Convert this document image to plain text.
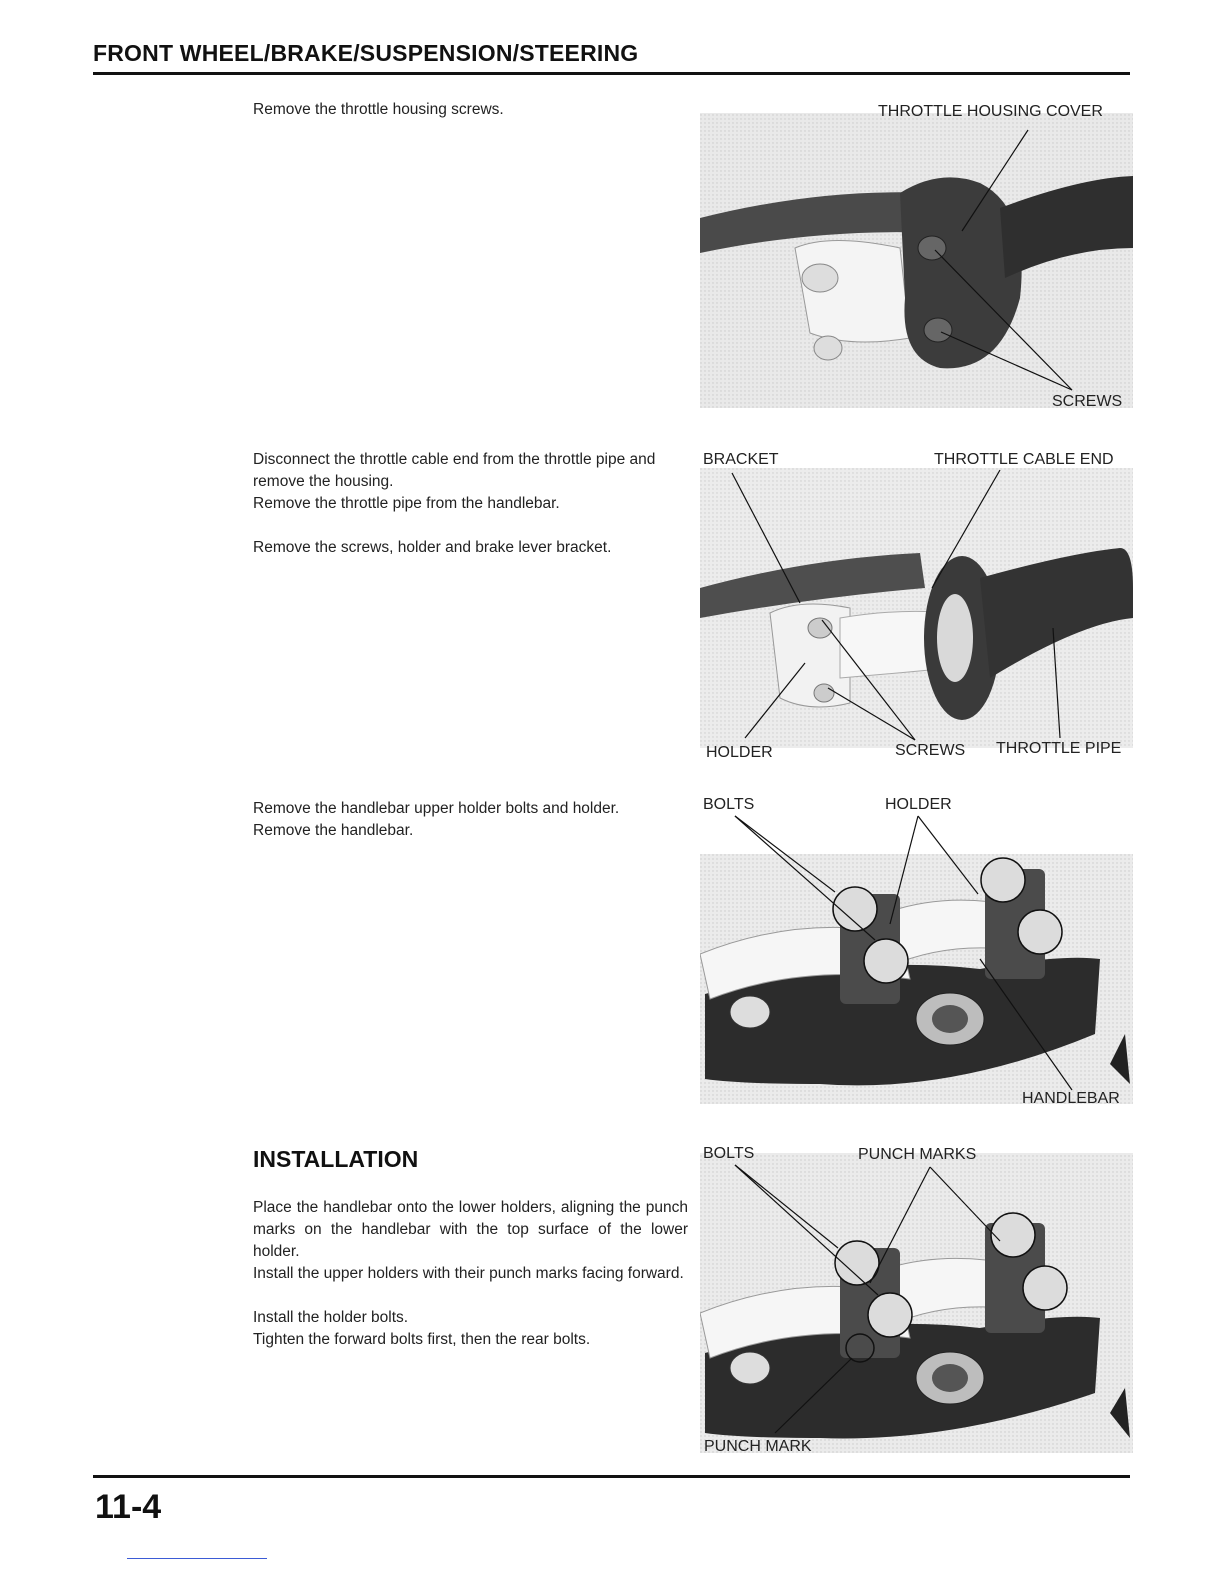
FRONT WHEEL/BRAKE/SUSPENSION/STEERING

Remove the throttle housing screws.	THROTTLE HOUSING COVER
SCREWS

Disconnect the throttle cable end from the throttle pipe and remove the housing.

Remove the throttle pipe from the handlebar.

Remove the screws, holder and brake lever bracket.

BRACKET	THROTTLE CABLE END
HOLDER	SCREWS THROTTLE PIPE

Remove the handlebar upper holder bolts and holder.

Remove the handlebar.

BOLTS	HOLDER
HANDLEBAR
INSTALLATION

Place the handlebar onto the lower holders, aligning the punch marks on the handlebar with the top surface of the lower holder.

Install the upper holders with their punch marks facing forward.

Install the holder bolts.

Tighten the forward bolts first, then the rear bolts.

BOLTS	PUNCH MARKS
PUNCH MARK
11-4
